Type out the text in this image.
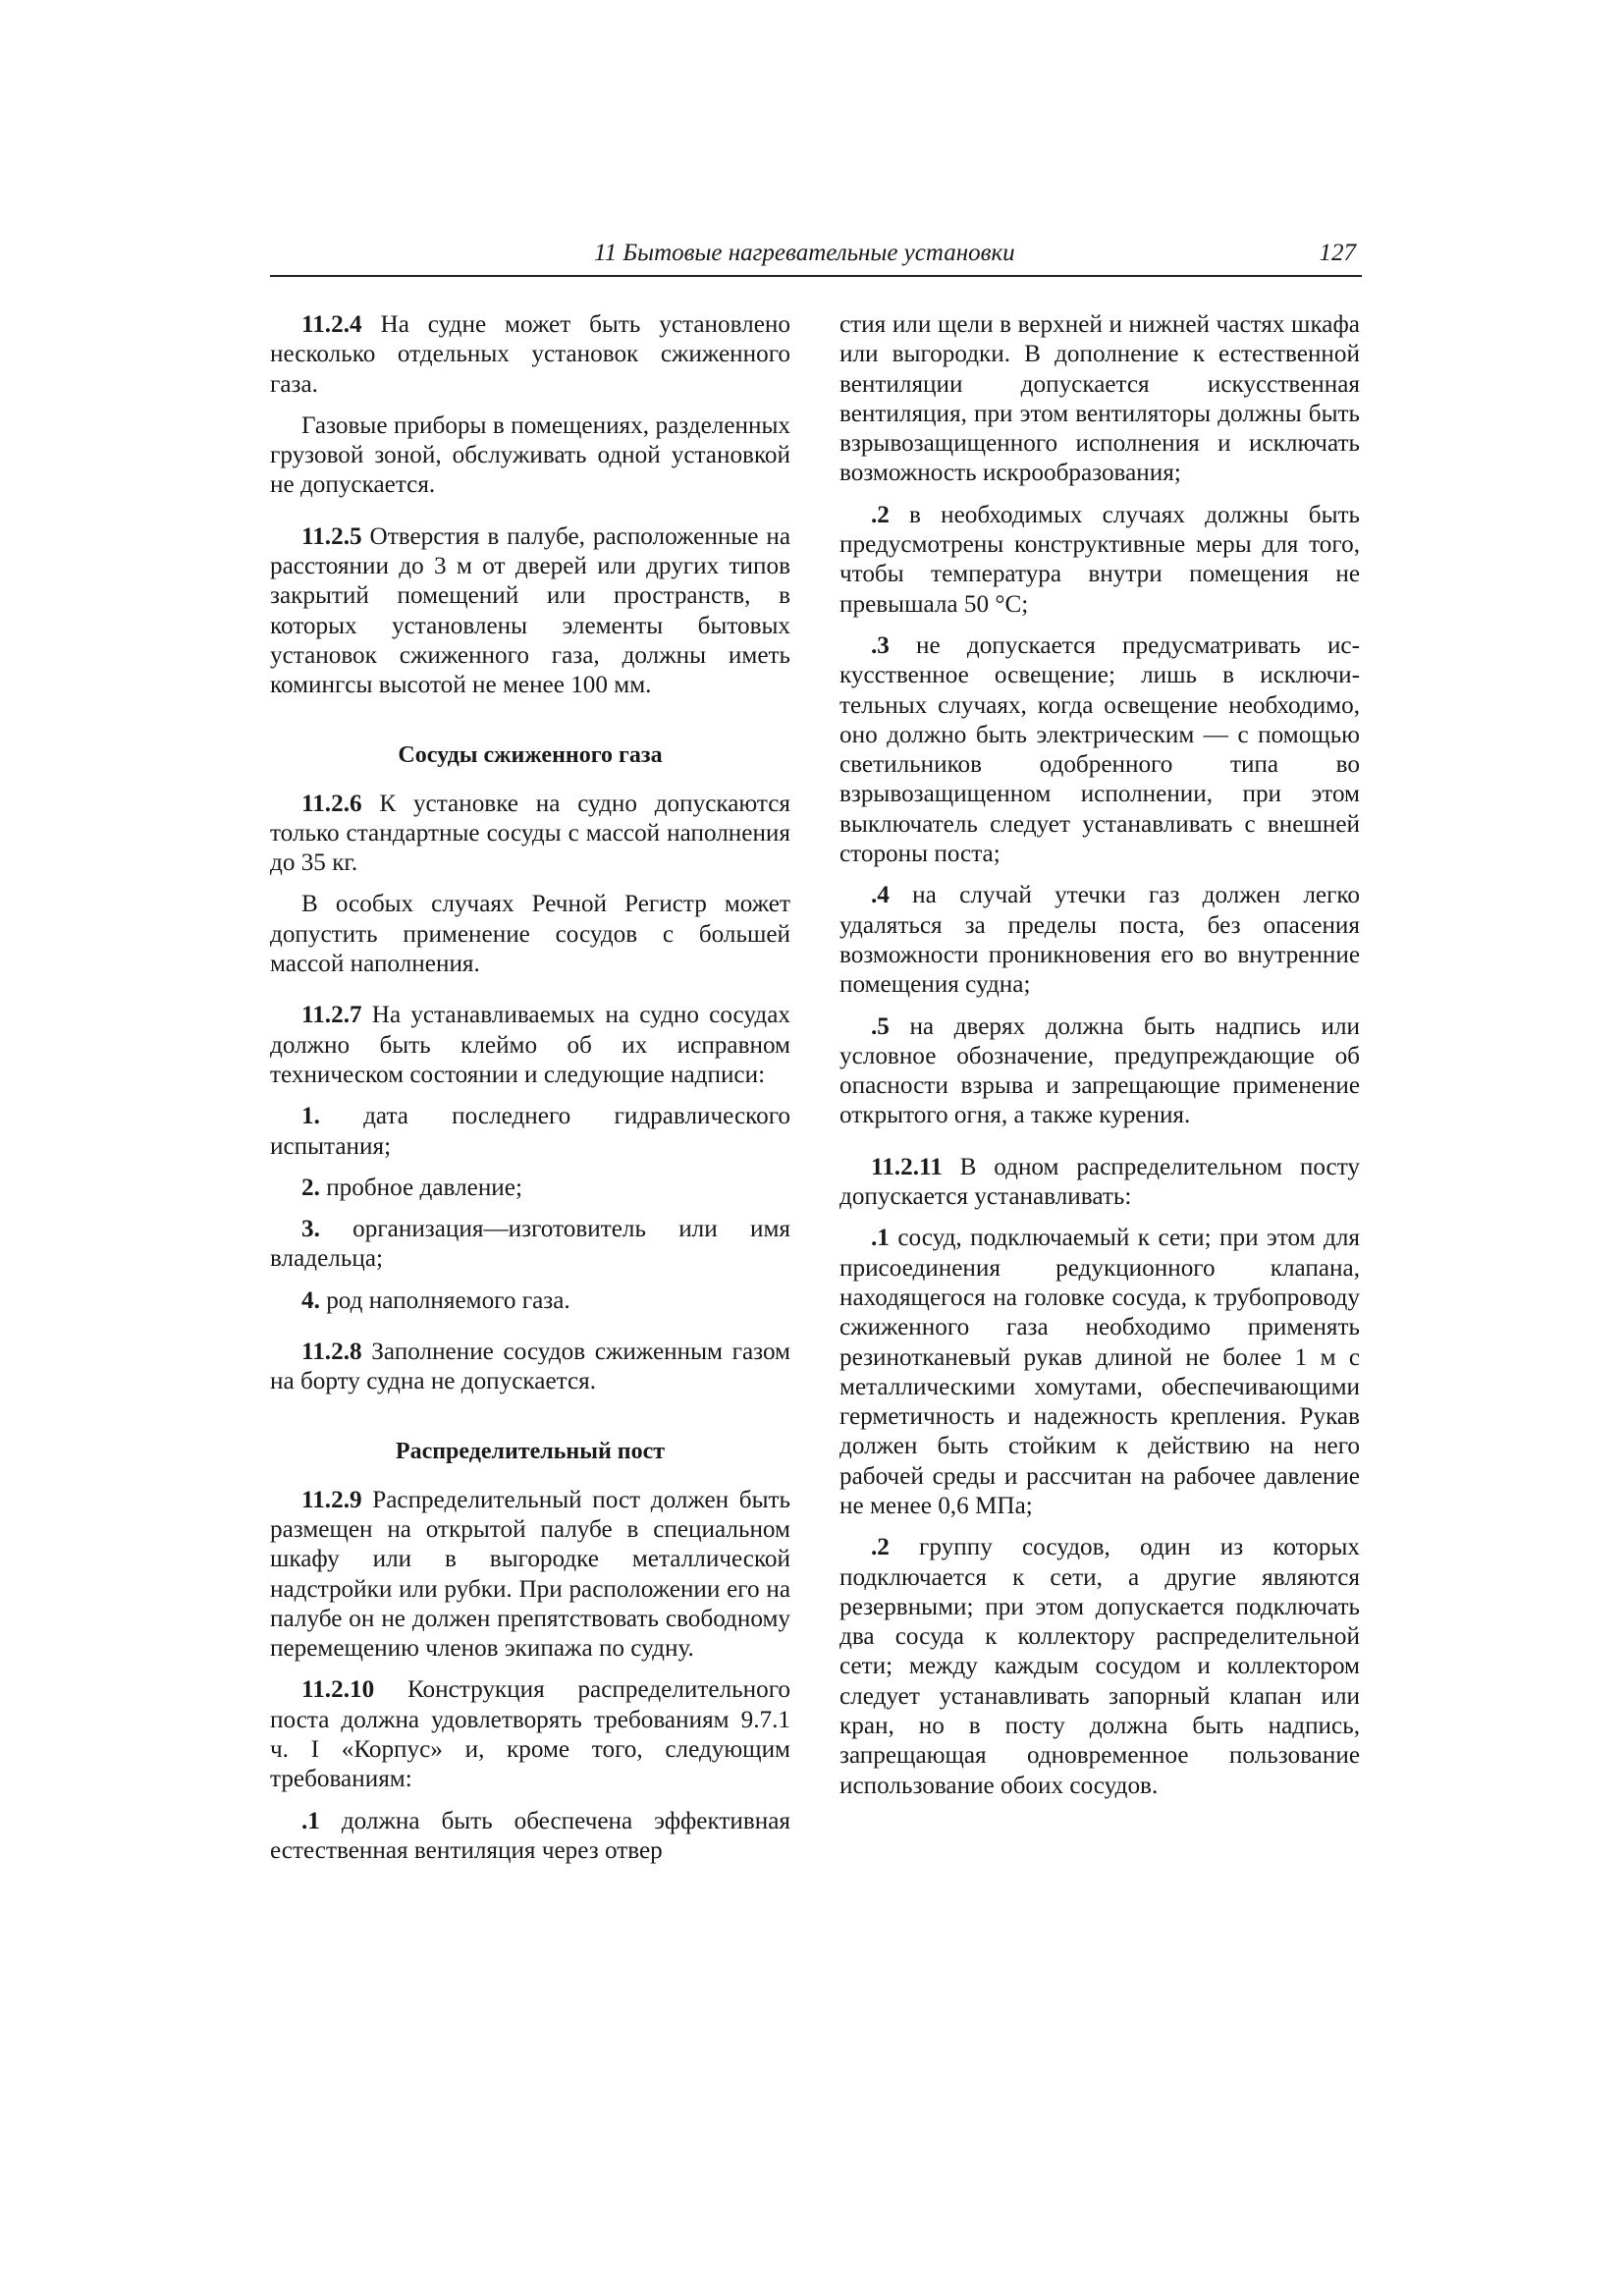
11 Бытовые нагревательные установки	127

11.2.4 На судне может быть установлено несколько отдельных установок сжиженного газа.

Газовые приборы в помещениях, разделенных грузовой зоной, обслуживать одной установкой не допускается.

11.2.5 Отверстия в палубе, расположенные на расстоянии до 3 м от дверей или других типов закрытий помещений или пространств, в которых установлены элементы бытовых установок сжиженного газа, должны иметь комингсы высотой не менее 100 мм.

Сосуды сжиженного газа

11.2.6 К установке на судно допускаются только стандартные сосуды с массой наполнения до 35 кг.

В особых случаях Речной Регистр может допустить применение сосудов с большей массой наполнения.

11.2.7 На устанавливаемых на судно сосудах должно быть клеймо об их исправном техническом состоянии и следующие надписи:

1. дата последнего гидравлического испытания;

2. пробное давление;

3. организация—изготовитель или имя владельца;

4. род наполняемого газа.

11.2.8 Заполнение сосудов сжиженным газом на борту судна не допускается.

Распределительный пост

11.2.9 Распределительный пост должен быть размещен на открытой палубе в специальном шкафу или в выгородке металлической надстройки или рубки. При расположении его на палубе он не должен препятствовать свободному перемещению членов экипажа по судну.

11.2.10 Конструкция распределительного поста должна удовлетворять требованиям 9.7.1 ч. I «Корпус» и, кроме того, следующим требованиям:

.1 должна быть обеспечена эффективная естественная вентиляция через отвер

стия или щели в верхней и нижней частях шкафа или выгородки. В дополнение к естественной вентиляции допускается искусственная вентиляция, при этом вентиляторы должны быть взрывозащищенного исполнения и исключать возможность искрообразования;

.2 в необходимых случаях должны быть предусмотрены конструктивные меры для того, чтобы температура внутри помещения не превышала 50 °С;

.3 не допускается предусматривать искусственное освещение; лишь в исключительных случаях, когда освещение необходимо, оно должно быть электрическим — с помощью светильников одобренного типа во взрывозащищенном исполнении, при этом выключатель следует устанавливать с внешней стороны поста;

.4 на случай утечки газ должен легко удаляться за пределы поста, без опасения возможности проникновения его во внутренние помещения судна;

.5 на дверях должна быть надпись или условное обозначение, предупреждающие об опасности взрыва и запрещающие применение открытого огня, а также курения.

11.2.11 В одном распределительном посту допускается устанавливать:

.1 сосуд, подключаемый к сети; при этом для присоединения редукционного клапана, находящегося на головке сосуда, к трубопроводу сжиженного газа необходимо применять резинотканевый рукав длиной не более 1 м с металлическими хомутами, обеспечивающими герметичность и надежность крепления. Рукав должен быть стойким к действию на него рабочей среды и рассчитан на рабочее давление не менее 0,6 МПа;

.2 группу сосудов, один из которых подключается к сети, а другие являются резервными; при этом допускается подключать два сосуда к коллектору распределительной сети; между каждым сосудом и коллектором следует устанавливать запорный клапан или кран, но в посту должна быть надпись, запрещающая одновременное пользование использование обоих сосудов.
